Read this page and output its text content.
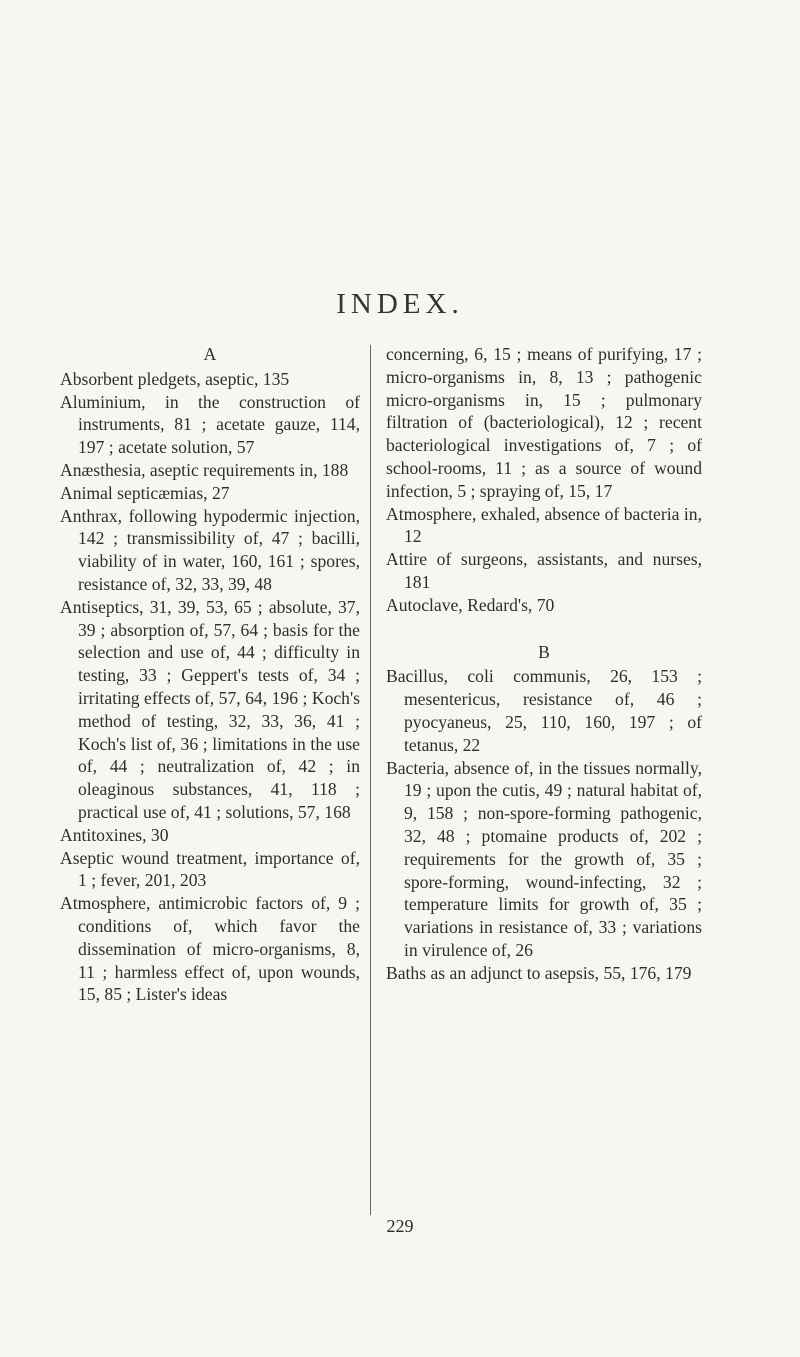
INDEX.
A
Absorbent pledgets, aseptic, 135
Aluminium, in the construction of instruments, 81 ; acetate gauze, 114, 197 ; acetate solution, 57
Anæsthesia, aseptic requirements in, 188
Animal septicæmias, 27
Anthrax, following hypodermic injection, 142 ; transmissibility of, 47 ; bacilli, viability of in water, 160, 161 ; spores, resistance of, 32, 33, 39, 48
Antiseptics, 31, 39, 53, 65 ; absolute, 37, 39 ; absorption of, 57, 64 ; basis for the selection and use of, 44 ; difficulty in testing, 33 ; Geppert's tests of, 34 ; irritating effects of, 57, 64, 196 ; Koch's method of testing, 32, 33, 36, 41 ; Koch's list of, 36 ; limitations in the use of, 44 ; neutralization of, 42 ; in oleaginous substances, 41, 118 ; practical use of, 41 ; solutions, 57, 168
Antitoxines, 30
Aseptic wound treatment, importance of, 1 ; fever, 201, 203
Atmosphere, antimicrobic factors of, 9 ; conditions of, which favor the dissemination of micro-organisms, 8, 11 ; harmless effect of, upon wounds, 15, 85 ; Lister's ideas
concerning, 6, 15 ; means of purifying, 17 ; micro-organisms in, 8, 13 ; pathogenic micro-organisms in, 15 ; pulmonary filtration of (bacteriological), 12 ; recent bacteriological investigations of, 7 ; of school-rooms, 11 ; as a source of wound infection, 5 ; spraying of, 15, 17
Atmosphere, exhaled, absence of bacteria in, 12
Attire of surgeons, assistants, and nurses, 181
Autoclave, Redard's, 70
B
Bacillus, coli communis, 26, 153 ; mesentericus, resistance of, 46 ; pyocyaneus, 25, 110, 160, 197 ; of tetanus, 22
Bacteria, absence of, in the tissues normally, 19 ; upon the cutis, 49 ; natural habitat of, 9, 158 ; non-spore-forming pathogenic, 32, 48 ; ptomaine products of, 202 ; requirements for the growth of, 35 ; spore-forming, wound-infecting, 32 ; temperature limits for growth of, 35 ; variations in resistance of, 33 ; variations in virulence of, 26
Baths as an adjunct to asepsis, 55, 176, 179
229
